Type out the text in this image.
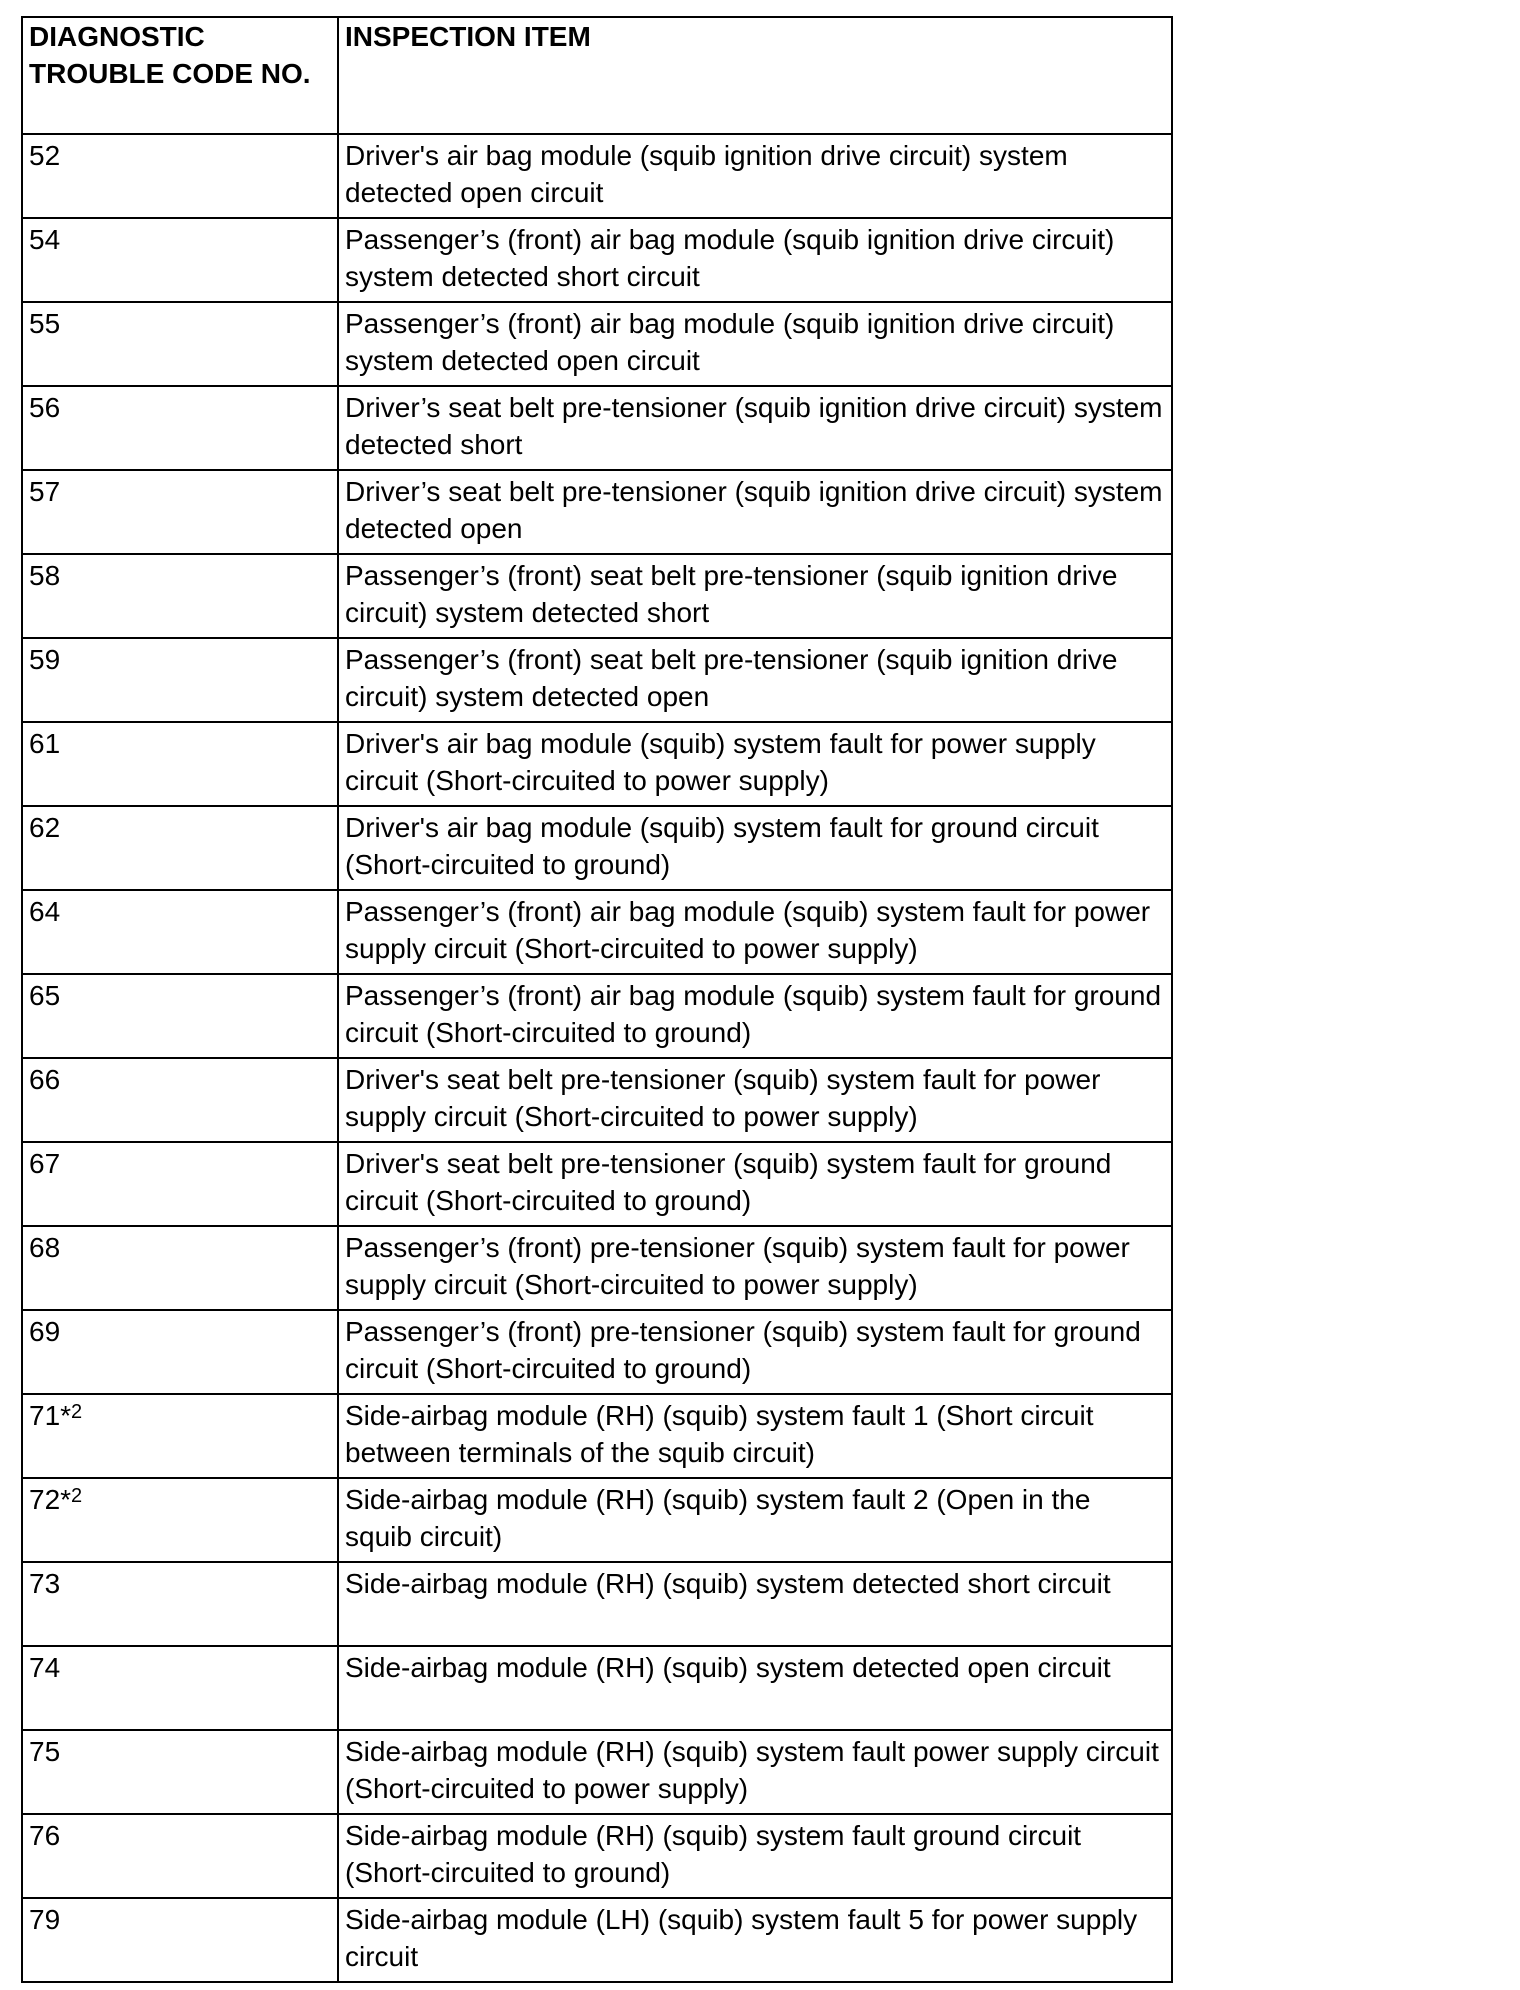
DIAGNOSTIC TROUBLE CODE NO.	INSPECTION ITEM
52	Driver's air bag module (squib ignition drive circuit) system detected open circuit
54	Passenger’s (front) air bag module (squib ignition drive circuit) system detected short circuit
55	Passenger’s (front) air bag module (squib ignition drive circuit) system detected open circuit
56	Driver’s seat belt pre-tensioner (squib ignition drive circuit) system detected short
57	Driver’s seat belt pre-tensioner (squib ignition drive circuit) system detected open
58	Passenger’s (front) seat belt pre-tensioner (squib ignition drive circuit) system detected short
59	Passenger’s (front) seat belt pre-tensioner (squib ignition drive circuit) system detected open
61	Driver's air bag module (squib) system fault for power supply circuit (Short-circuited to power supply)
62	Driver's air bag module (squib) system fault for ground circuit (Short-circuited to ground)
64	Passenger’s (front) air bag module (squib) system fault for power supply circuit (Short-circuited to power supply)
65	Passenger’s (front) air bag module (squib) system fault for ground circuit (Short-circuited to ground)
66	Driver's seat belt pre-tensioner (squib) system fault for power supply circuit (Short-circuited to power supply)
67	Driver's seat belt pre-tensioner (squib) system fault for ground circuit (Short-circuited to ground)
68	Passenger’s (front) pre-tensioner (squib) system fault for power supply circuit (Short-circuited to power supply)
69	Passenger’s (front) pre-tensioner (squib) system fault for ground circuit (Short-circuited to ground)
71*$^2$	Side-airbag module (RH) (squib) system fault 1 (Short circuit between terminals of the squib circuit)
72*$^2$	Side-airbag module (RH) (squib) system fault 2 (Open in the squib circuit)
73	Side-airbag module (RH) (squib) system detected short circuit
74	Side-airbag module (RH) (squib) system detected open circuit
75	Side-airbag module (RH) (squib) system fault power supply circuit (Short-circuited to power supply)
76	Side-airbag module (RH) (squib) system fault ground circuit (Short-circuited to ground)
79	Side-airbag module (LH) (squib) system fault 5 for power supply circuit
